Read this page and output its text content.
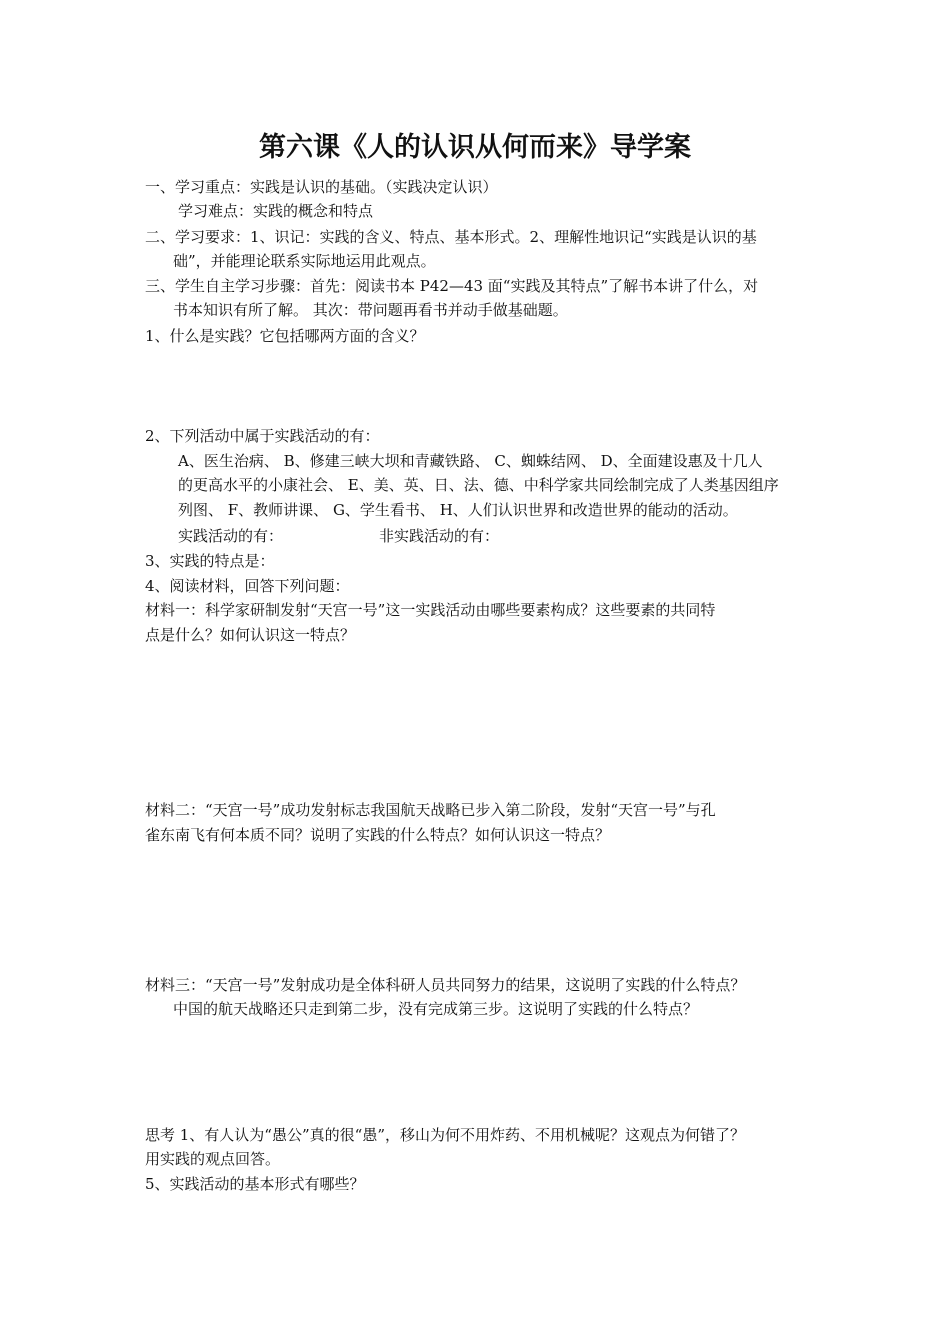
第六课《人的认识从何而来》导学案
一、学习重点：实践是认识的基础。（实践决定认识）
学习难点：实践的概念和特点
二、学习要求：1、识记：实践的含义、特点、基本形式。2、理解性地识记“实践是认识的基
础”，并能理论联系实际地运用此观点。
三、学生自主学习步骤：首先：阅读书本 P42—43 面“实践及其特点”了解书本讲了什么，对
书本知识有所了解。 其次：带问题再看书并动手做基础题。
1、什么是实践？它包括哪两方面的含义？
2、下列活动中属于实践活动的有：
A、医生治病、 B、修建三峡大坝和青藏铁路、 C、蜘蛛结网、 D、全面建设惠及十几人
的更高水平的小康社会、 E、美、英、日、法、德、中科学家共同绘制完成了人类基因组序
列图、 F、教师讲课、 G、学生看书、 H、人们认识世界和改造世界的能动的活动。
实践活动的有：	非实践活动的有：
3、实践的特点是：
4、阅读材料，回答下列问题：
材料一：科学家研制发射“天宫一号”这一实践活动由哪些要素构成？这些要素的共同特
点是什么？如何认识这一特点？
材料二：“天宫一号”成功发射标志我国航天战略已步入第二阶段，发射“天宫一号”与孔
雀东南飞有何本质不同？说明了实践的什么特点？如何认识这一特点？
材料三：“天宫一号”发射成功是全体科研人员共同努力的结果，这说明了实践的什么特点？
中国的航天战略还只走到第二步，没有完成第三步。这说明了实践的什么特点？
思考 1、有人认为“愚公”真的很“愚”，移山为何不用炸药、不用机械呢？这观点为何错了？
用实践的观点回答。
5、实践活动的基本形式有哪些？
